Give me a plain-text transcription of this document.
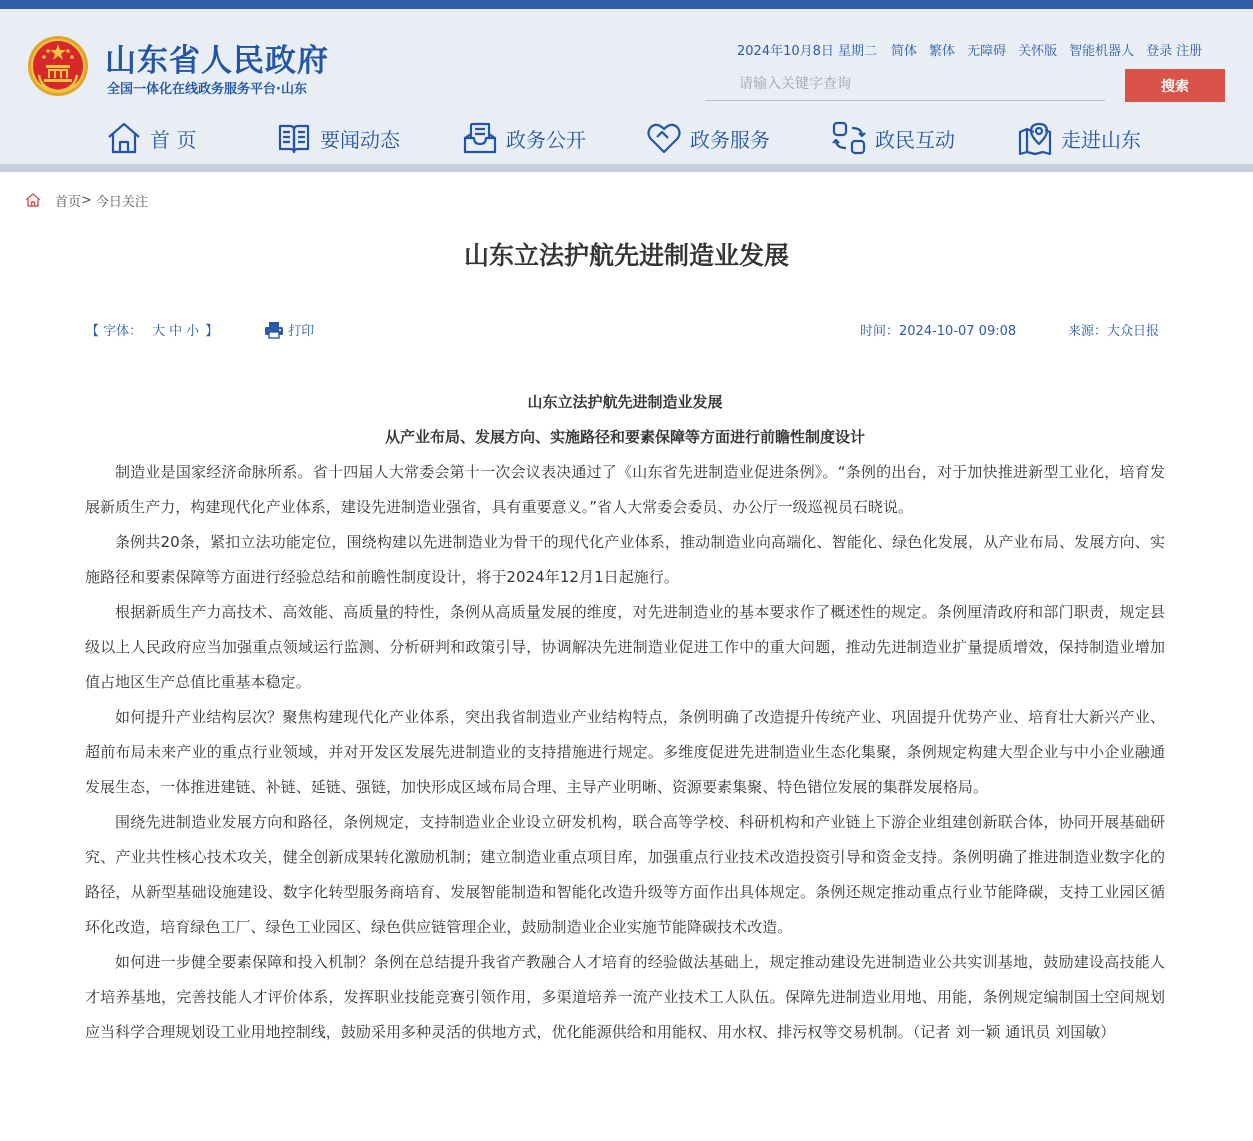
山东省人民政府
全国一体化在线政务服务平台·山东
2024年10月8日 星期二 简体 繁体 无障碍 关怀版 智能机器人 登录 注册
请输入关键字查询
搜索
首 页	要闻动态	政务公开	政务服务	政民互动	走进山东
首页 > 今日关注
山东立法护航先进制造业发展
【 字体： 大 中 小 】	打印	时间：2024-10-07 09:08	来源：大众日报
山东立法护航先进制造业发展
从产业布局、发展方向、实施路径和要素保障等方面进行前瞻性制度设计

制造业是国家经济命脉所系。省十四届人大常委会第十一次会议表决通过了《山东省先进制造业促进条例》。“条例的出台，对于加快推进新型工业化，培育发展新质生产力，构建现代化产业体系，建设先进制造业强省，具有重要意义。”省人大常委会委员、办公厅一级巡视员石晓说。

条例共20条，紧扣立法功能定位，围绕构建以先进制造业为骨干的现代化产业体系，推动制造业向高端化、智能化、绿色化发展，从产业布局、发展方向、实施路径和要素保障等方面进行经验总结和前瞻性制度设计，将于2024年12月1日起施行。

根据新质生产力高技术、高效能、高质量的特性，条例从高质量发展的维度，对先进制造业的基本要求作了概述性的规定。条例厘清政府和部门职责，规定县级以上人民政府应当加强重点领域运行监测、分析研判和政策引导，协调解决先进制造业促进工作中的重大问题，推动先进制造业扩量提质增效，保持制造业增加值占地区生产总值比重基本稳定。

如何提升产业结构层次？聚焦构建现代化产业体系，突出我省制造业产业结构特点，条例明确了改造提升传统产业、巩固提升优势产业、培育壮大新兴产业、超前布局未来产业的重点行业领域，并对开发区发展先进制造业的支持措施进行规定。多维度促进先进制造业生态化集聚，条例规定构建大型企业与中小企业融通发展生态，一体推进建链、补链、延链、强链，加快形成区域布局合理、主导产业明晰、资源要素集聚、特色错位发展的集群发展格局。

围绕先进制造业发展方向和路径，条例规定，支持制造业企业设立研发机构，联合高等学校、科研机构和产业链上下游企业组建创新联合体，协同开展基础研究、产业共性核心技术攻关，健全创新成果转化激励机制；建立制造业重点项目库，加强重点行业技术改造投资引导和资金支持。条例明确了推进制造业数字化的路径，从新型基础设施建设、数字化转型服务商培育、发展智能制造和智能化改造升级等方面作出具体规定。条例还规定推动重点行业节能降碳，支持工业园区循环化改造，培育绿色工厂、绿色工业园区、绿色供应链管理企业，鼓励制造业企业实施节能降碳技术改造。

如何进一步健全要素保障和投入机制？条例在总结提升我省产教融合人才培育的经验做法基础上，规定推动建设先进制造业公共实训基地，鼓励建设高技能人才培养基地，完善技能人才评价体系，发挥职业技能竞赛引领作用，多渠道培养一流产业技术工人队伍。保障先进制造业用地、用能，条例规定编制国土空间规划应当科学合理规划设工业用地控制线，鼓励采用多种灵活的供地方式，优化能源供给和用能权、用水权、排污权等交易机制。（记者 刘一颖 通讯员 刘国敏）
